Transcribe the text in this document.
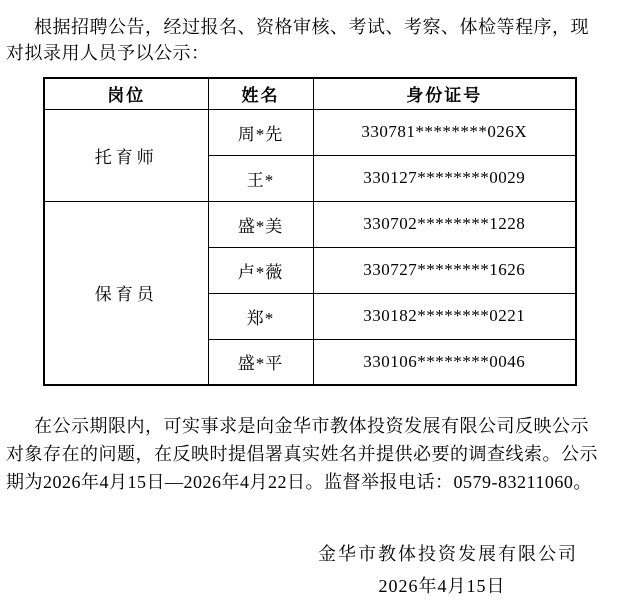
根据招聘公告，经过报名、资格审核、考试、考察、体检等程序，现
对拟录用人员予以公示：
岗位	姓名	身份证号
托育师	周*先	330781********026X
	王*	330127********0029
保育员	盛*美	330702********1228
	卢*薇	330727********1626
	郑*	330182********0221
	盛*平	330106********0046
在公示期限内，可实事求是向金华市教体投资发展有限公司反映公示
对象存在的问题，在反映时提倡署真实姓名并提供必要的调查线索。公示
期为2026年4月15日—2026年4月22日。监督举报电话：0579-83211060。
金华市教体投资发展有限公司
2026年4月15日
